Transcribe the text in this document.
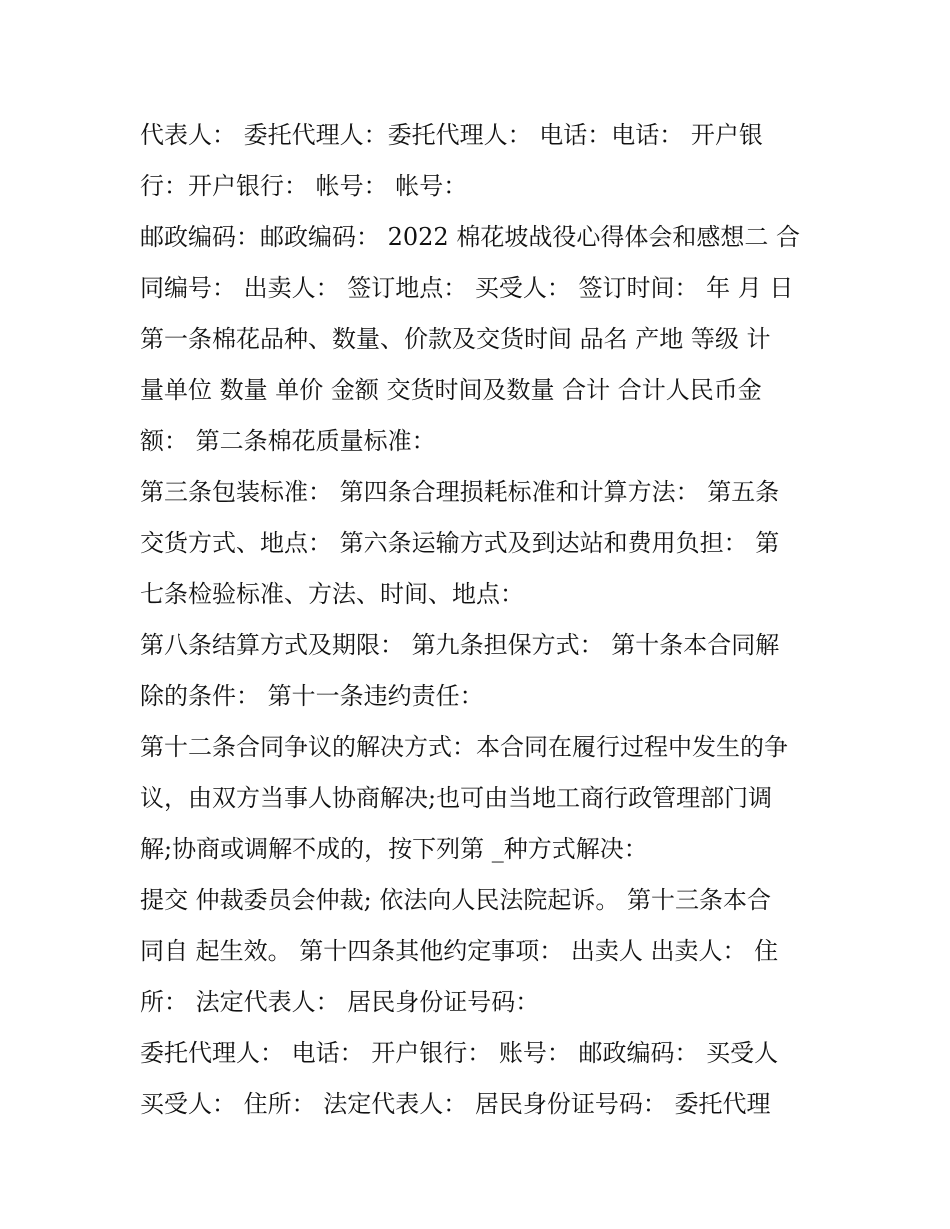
代表人： 委托代理人：委托代理人： 电话：电话： 开户银
行：开户银行： 帐号： 帐号：
邮政编码：邮政编码： 2022 棉花坡战役心得体会和感想二 合
同编号： 出卖人： 签订地点： 买受人： 签订时间： 年 月 日
第一条棉花品种、数量、价款及交货时间 品名 产地 等级 计
量单位 数量 单价 金额 交货时间及数量 合计 合计人民币金
额： 第二条棉花质量标准：
第三条包装标准： 第四条合理损耗标准和计算方法： 第五条
交货方式、地点： 第六条运输方式及到达站和费用负担： 第
七条检验标准、方法、时间、地点：
第八条结算方式及期限： 第九条担保方式： 第十条本合同解
除的条件： 第十一条违约责任：
第十二条合同争议的解决方式：本合同在履行过程中发生的争
议，由双方当事人协商解决;也可由当地工商行政管理部门调
解;协商或调解不成的，按下列第 _种方式解决：
提交 仲裁委员会仲裁; 依法向人民法院起诉。 第十三条本合
同自 起生效。 第十四条其他约定事项： 出卖人 出卖人： 住
所： 法定代表人： 居民身份证号码：
委托代理人： 电话： 开户银行： 账号： 邮政编码： 买受人
买受人： 住所： 法定代表人： 居民身份证号码： 委托代理
